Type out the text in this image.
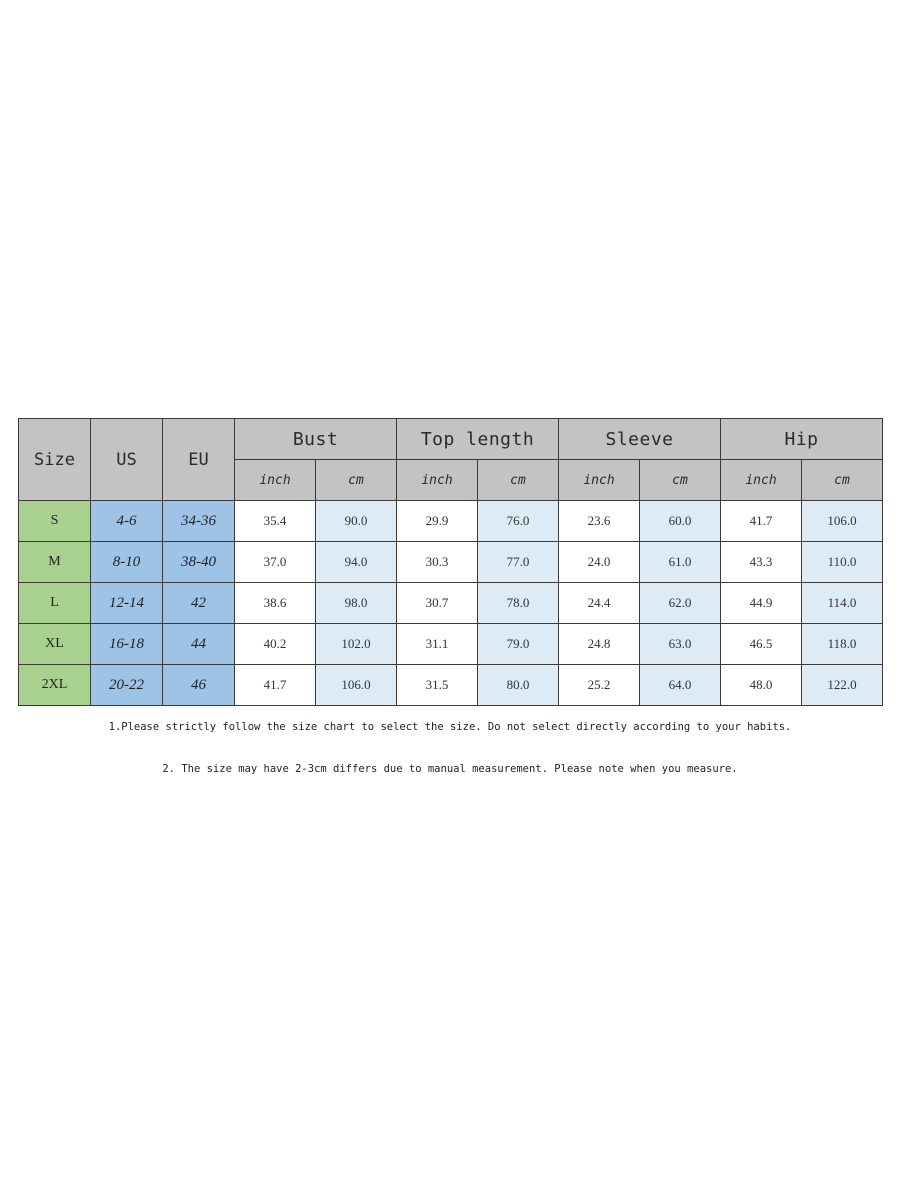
Size	US	EU	Bust		Top length		Sleeve		Hip	
			inch	cm	inch	cm	inch	cm	inch	cm
S	4-6	34-36	35.4	90.0	29.9	76.0	23.6	60.0	41.7	106.0
M	8-10	38-40	37.0	94.0	30.3	77.0	24.0	61.0	43.3	110.0
L	12-14	42	38.6	98.0	30.7	78.0	24.4	62.0	44.9	114.0
XL	16-18	44	40.2	102.0	31.1	79.0	24.8	63.0	46.5	118.0
2XL	20-22	46	41.7	106.0	31.5	80.0	25.2	64.0	48.0	122.0
1.Please strictly follow the size chart to select the size. Do not select directly according to your habits.
2. The size may have 2-3cm differs due to manual measurement. Please note when you measure.
